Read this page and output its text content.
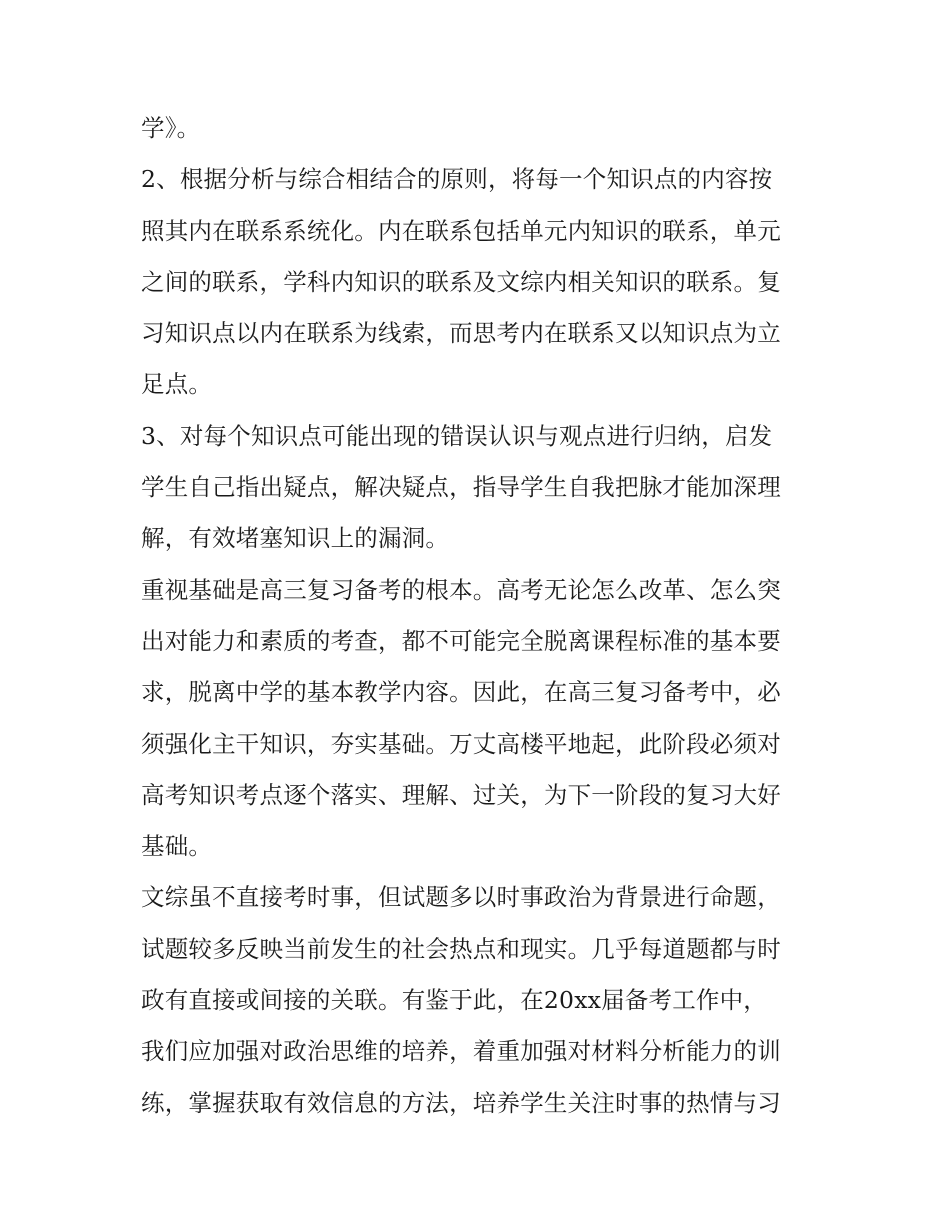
学》。
2、根据分析与综合相结合的原则，将每一个知识点的内容按
照其内在联系系统化。内在联系包括单元内知识的联系，单元
之间的联系，学科内知识的联系及文综内相关知识的联系。复
习知识点以内在联系为线索，而思考内在联系又以知识点为立
足点。
3、对每个知识点可能出现的错误认识与观点进行归纳，启发
学生自己指出疑点，解决疑点，指导学生自我把脉才能加深理
解，有效堵塞知识上的漏洞。
重视基础是高三复习备考的根本。高考无论怎么改革、怎么突
出对能力和素质的考查，都不可能完全脱离课程标准的基本要
求，脱离中学的基本教学内容。因此，在高三复习备考中，必
须强化主干知识，夯实基础。万丈高楼平地起，此阶段必须对
高考知识考点逐个落实、理解、过关，为下一阶段的复习大好
基础。
文综虽不直接考时事，但试题多以时事政治为背景进行命题，
试题较多反映当前发生的社会热点和现实。几乎每道题都与时
政有直接或间接的关联。有鉴于此，在20xx届备考工作中，
我们应加强对政治思维的培养，着重加强对材料分析能力的训
练，掌握获取有效信息的方法，培养学生关注时事的热情与习
